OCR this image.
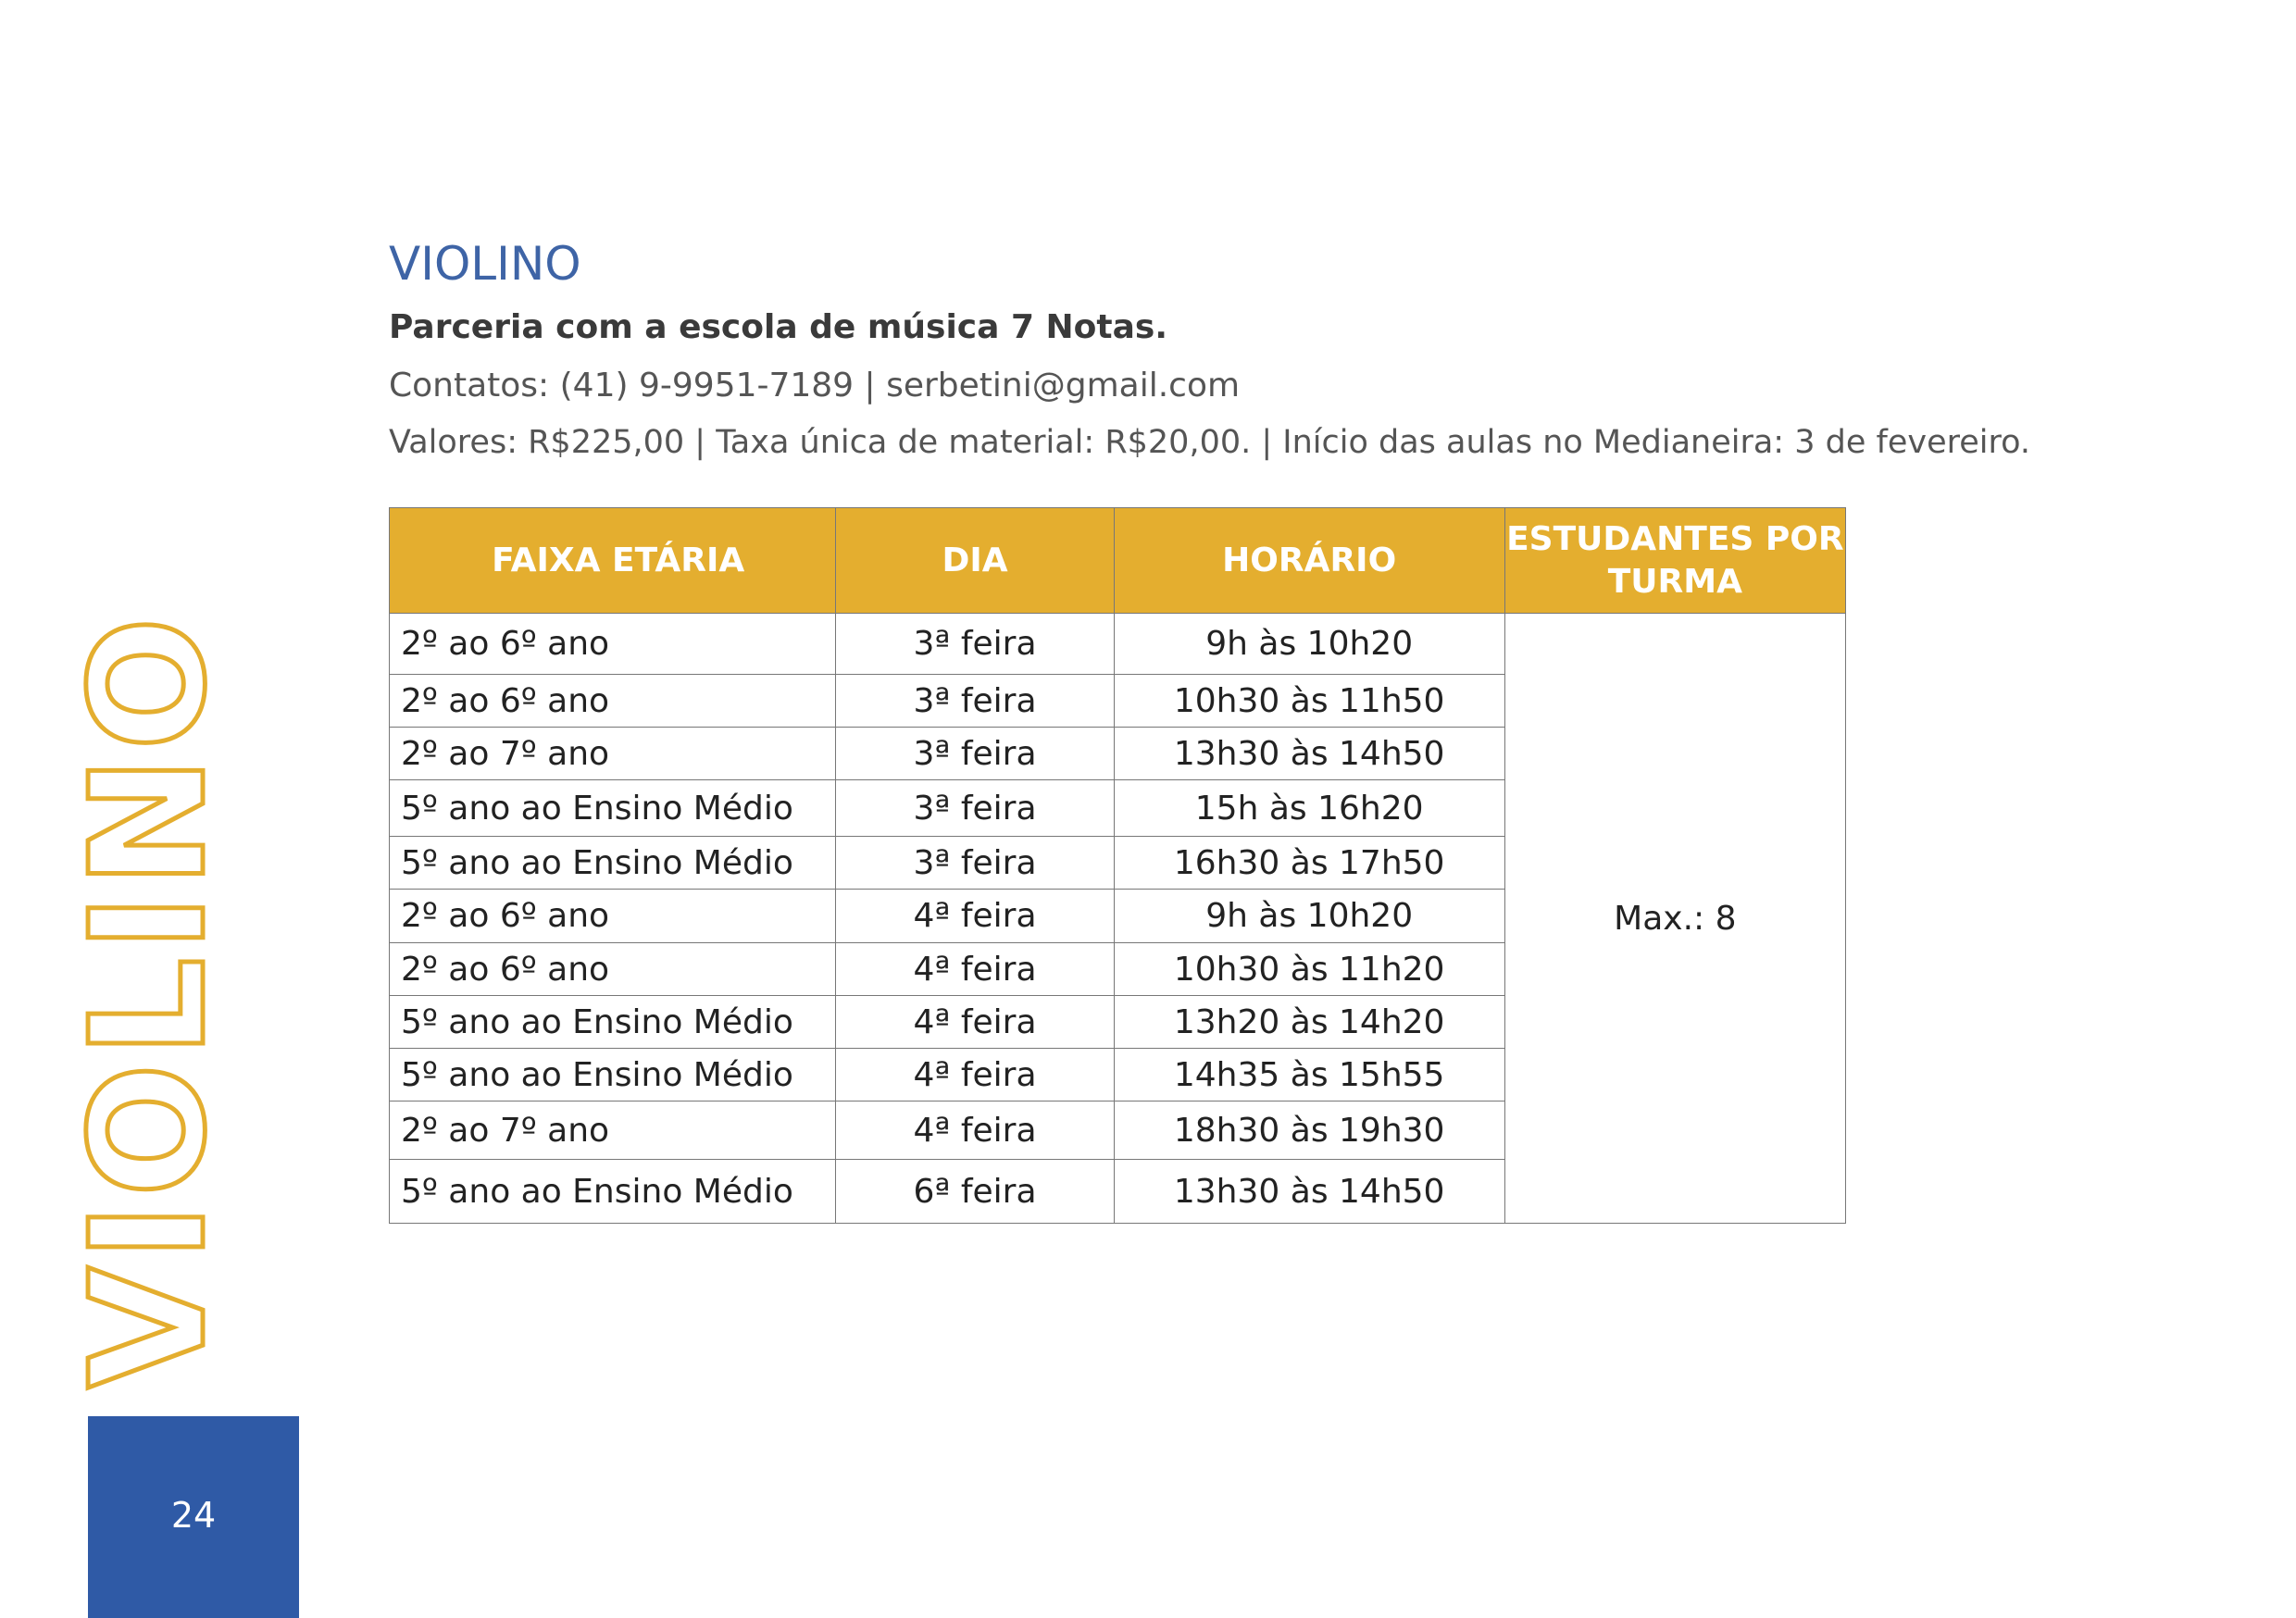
VIOLINO
24
VIOLINO
Parceria com a escola de música 7 Notas.
Contatos: (41) 9-9951-7189 | serbetini@gmail.com
Valores: R$225,00 | Taxa única de material: R$20,00. | Início das aulas no Medianeira: 3 de fevereiro.
FAIXA ETÁRIA	DIA	HORÁRIO	ESTUDANTES POR TURMA
2º ao 6º ano	3ª feira	9h às 10h20	Max.: 8
2º ao 6º ano	3ª feira	10h30 às 11h50	
2º ao 7º ano	3ª feira	13h30 às 14h50	
5º ano ao Ensino Médio	3ª feira	15h às 16h20	
5º ano ao Ensino Médio	3ª feira	16h30 às 17h50	
2º ao 6º ano	4ª feira	9h às 10h20	
2º ao 6º ano	4ª feira	10h30 às 11h20	
5º ano ao Ensino Médio	4ª feira	13h20 às 14h20	
5º ano ao Ensino Médio	4ª feira	14h35 às 15h55	
2º ao 7º ano	4ª feira	18h30 às 19h30	
5º ano ao Ensino Médio	6ª feira	13h30 às 14h50	
